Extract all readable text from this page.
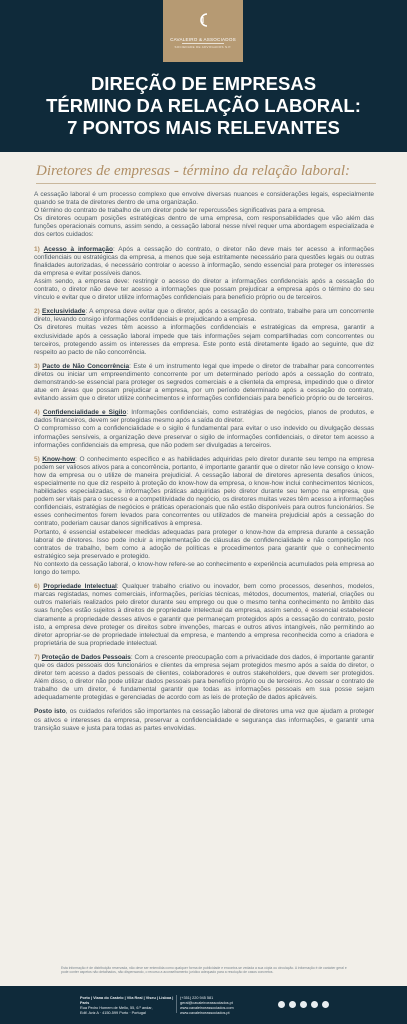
CAVALEIRO & ASSOCIADOS
SOCIEDADE DE ADVOGADOS S.P.
DIREÇÃO DE EMPRESAS
TÉRMINO DA RELAÇÃO LABORAL:
7 PONTOS MAIS RELEVANTES
Diretores de empresas - término da relação laboral:

A cessação laboral é um processo complexo que envolve diversas nuances e considerações legais, especialmente quando se trata de diretores dentro de uma organização.

O término do contrato de trabalho de um diretor pode ter repercussões significativas para a empresa.

Os diretores ocupam posições estratégicas dentro de uma empresa, com responsabilidades que vão além das funções operacionais comuns, assim sendo, a cessação laboral nesse nível requer uma abordagem especializada e dos certos cuidados:

1) Acesso à informação: Após a cessação do contrato, o diretor não deve mais ter acesso a informações confidenciais ou estratégicas da empresa, a menos que seja estritamente necessário para questões legais ou outras finalidades autorizadas, é necessário controlar o acesso à informação, sendo essencial para proteger os interesses da empresa e evitar possíveis danos.

Assim sendo, a empresa deve: restringir o acesso do diretor a informações confidenciais após a cessação do contrato, o diretor não deve ter acesso a informações que possam prejudicar a empresa após o término do seu vínculo e evitar que o diretor utilize informações confidenciais para benefício próprio ou de terceiros.

2) Exclusividade: A empresa deve evitar que o diretor, após a cessação do contrato, trabalhe para um concorrente direto, levando consigo informações confidenciais e prejudicando a empresa.

Os diretores muitas vezes têm acesso a informações confidenciais e estratégicas da empresa, garantir a exclusividade após a cessação laboral impede que tais informações sejam compartilhadas com concorrentes ou terceiros, protegendo assim os interesses da empresa. Este ponto está diretamente ligado ao seguinte, que diz respeito ao pacto de não concorrência.

3) Pacto de Não Concorrência: Este é um instrumento legal que impede o diretor de trabalhar para concorrentes diretos ou iniciar um empreendimento concorrente por um determinado período após a cessação do contrato, demonstrando-se essencial para proteger os segredos comerciais e a clientela da empresa, impedindo que o diretor atue em áreas que possam prejudicar a empresa, por um período determinado após a cessação do contrato, evitando assim que o diretor utilize conhecimentos e informações confidenciais para benefício próprio ou de terceiros.

4) Confidencialidade e Sigilo: Informações confidenciais, como estratégias de negócios, planos de produtos, e dados financeiros, devem ser protegidas mesmo após a saída do diretor.

O compromisso com a confidencialidade e o sigilo é fundamental para evitar o uso indevido ou divulgação dessas informações sensíveis, a organização deve preservar o sigilo de informações confidenciais, o diretor tem acesso a informações confidenciais da empresa, que não podem ser divulgadas a terceiros.

5) Know-how: O conhecimento específico e as habilidades adquiridas pelo diretor durante seu tempo na empresa podem ser valiosos ativos para a concorrência, portanto, é importante garantir que o diretor não leve consigo o know-how da empresa ou o utilize de maneira prejudicial. A cessação laboral de diretores apresenta desafios únicos, especialmente no que diz respeito à proteção do know-how da empresa, o know-how inclui conhecimentos técnicos, habilidades especializadas, e informações práticas adquiridas pelo diretor durante seu tempo na empresa, que podem ser vitais para o sucesso e a competitividade do negócio, os diretores muitas vezes têm acesso a informações confidenciais, estratégias de negócios e práticas operacionais que não estão disponíveis para outros funcionários. Se esses conhecimentos forem levados para concorrentes ou utilizados de maneira prejudicial após a cessação do contrato, poderiam causar danos significativos à empresa.

Portanto, é essencial estabelecer medidas adequadas para proteger o know-how da empresa durante a cessação laboral de diretores. Isso pode incluir a implementação de cláusulas de confidencialidade e não competição nos contratos de trabalho, bem como a adoção de políticas e procedimentos para garantir que o conhecimento estratégico seja preservado e protegido.

No contexto da cessação laboral, o know-how refere-se ao conhecimento e experiência acumulados pela empresa ao longo do tempo.

6) Propriedade Intelectual: Qualquer trabalho criativo ou inovador, bem como processos, desenhos, modelos, marcas registadas, nomes comerciais, informações, perícias técnicas, métodos, documentos, material, criações ou outros materiais realizados pelo diretor durante seu emprego ou que o mesmo tenha conhecimento no âmbito das suas funções estão sujeitos à direitos de propriedade intelectual da empresa, assim sendo, é essencial estabelecer claramente a propriedade desses ativos e garantir que permaneçam protegidos após a cessação do contrato, posto isto, a empresa deve proteger os direitos sobre invenções, marcas e outros ativos intangíveis, não permitindo ao diretor apropriar-se de propriedade intelectual da empresa, e mantendo a empresa reconhecida como a criadora e proprietária de sua propriedade intelectual.

7) Proteção de Dados Pessoais: Com a crescente preocupação com a privacidade dos dados, é importante garantir que os dados pessoais dos funcionários e clientes da empresa sejam protegidos mesmo após a saída do diretor, o diretor tem acesso a dados pessoais de clientes, colaboradores e outros stakeholders, que devem ser protegidos. Além disso, o diretor não pode utilizar dados pessoais para benefício próprio ou de terceiros. Ao cessar o contrato de trabalho de um diretor, é fundamental garantir que todas as informações pessoais em sua posse sejam adequadamente protegidas e gerenciadas de acordo com as leis de proteção de dados aplicáveis.

Posto isto, os cuidados referidos são importantes na cessação laboral de diretores uma vez que ajudam a proteger os ativos e interesses da empresa, preservar a confidencialidade e segurança das informações, e garantir uma transição suave e justa para todas as partes envolvidas.

Esta informação é de distribuição reservada, não deve ser entendida como qualquer forma de publicidade e encontra-se vedada a sua cópia ou circulação. A informação é de carácter geral e pode conter aspetos não detalhados, não dispensando, o recurso a aconselhamento jurídico adequado para a resolução de casos concretos.
Porto | Viana do Castelo | Vila Real | Viseu | Lisboa | Paris
Rua Pedro Homem de Mello, 55, 6.º andar,
Edif. Aviz A · 4150-599 Porto · Portugal
(+351) 220 945 581
geral@cavaleiroeassociados.pt
www.cavaleiroeassociados.com
www.cavaleiroeassociados.pt
